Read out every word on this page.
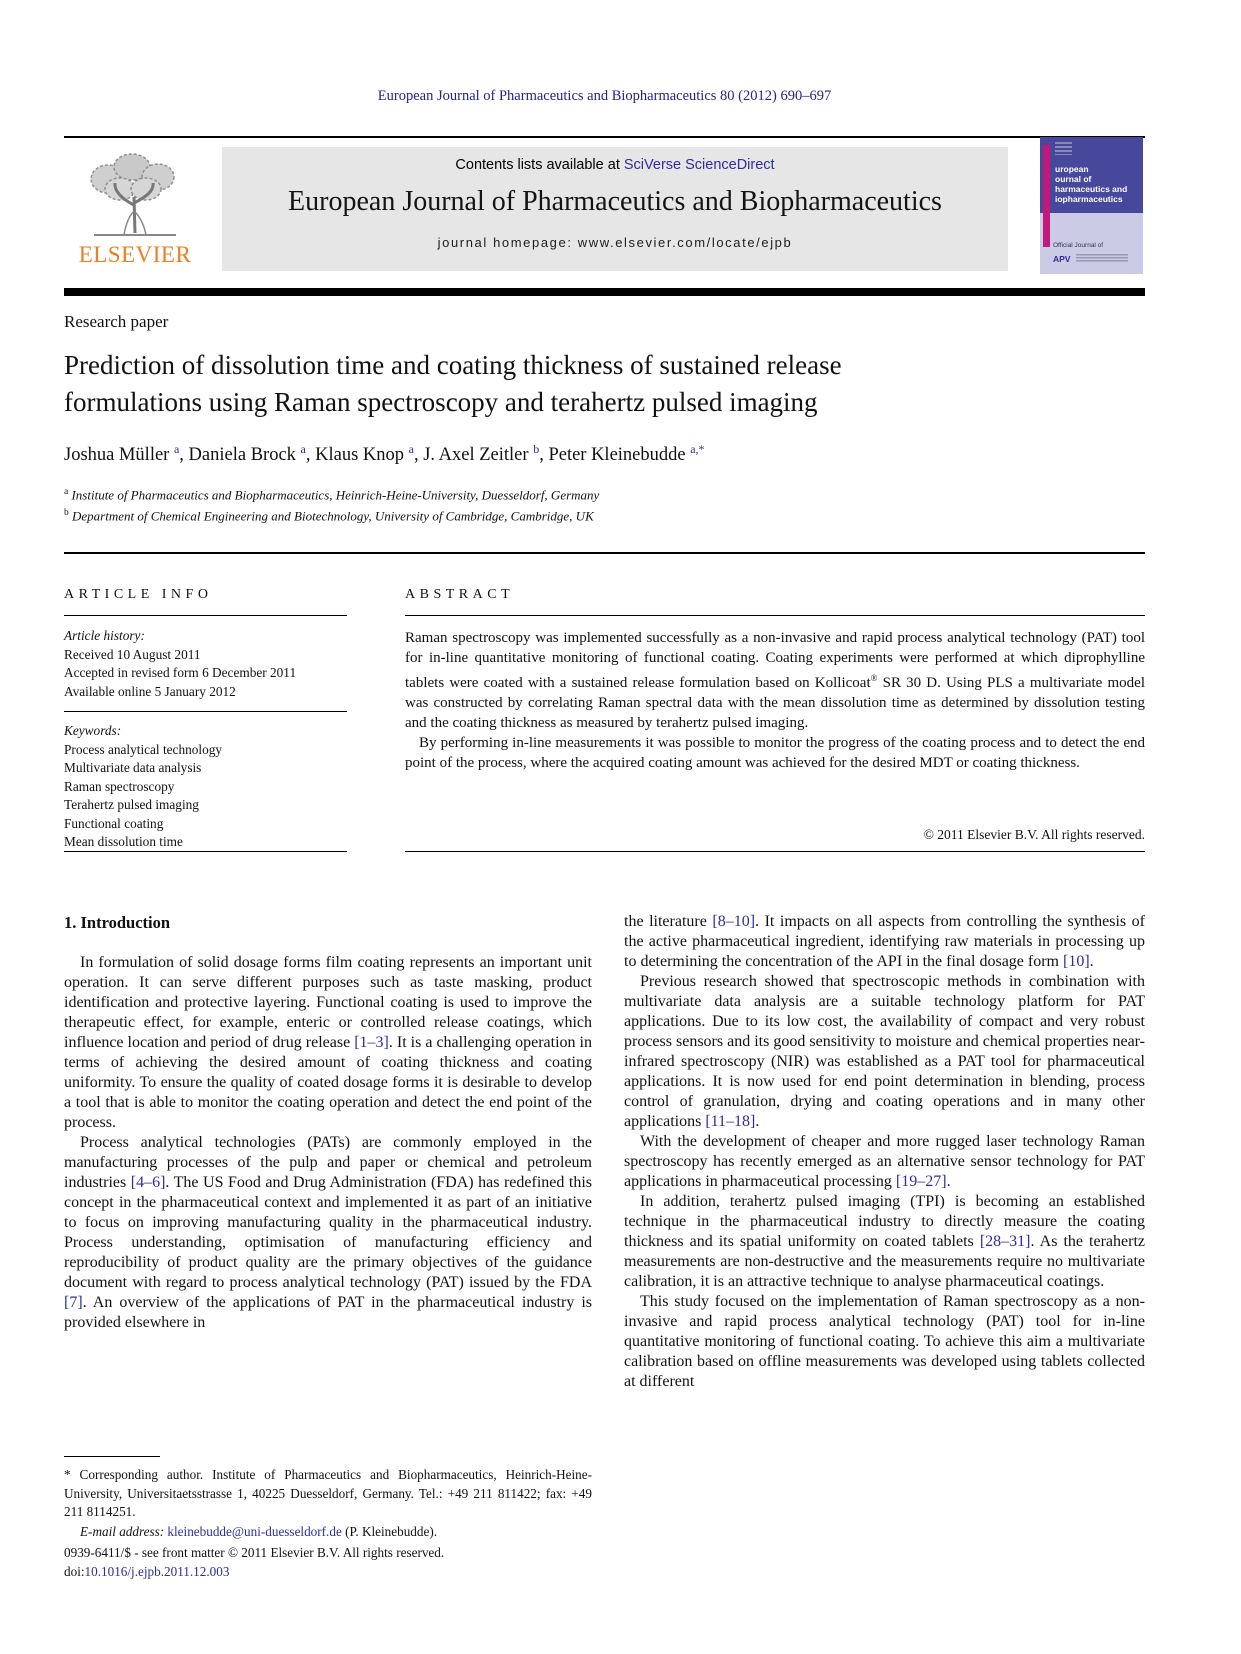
European Journal of Pharmaceutics and Biopharmaceutics 80 (2012) 690–697
ELSEVIER
Contents lists available at SciVerse ScienceDirect
European Journal of Pharmaceutics and Biopharmaceutics
journal homepage: www.elsevier.com/locate/ejpb
uropean
ournal of
harmaceutics and
iopharmaceutics
Official Journal of
APV
Research paper
Prediction of dissolution time and coating thickness of sustained release
formulations using Raman spectroscopy and terahertz pulsed imaging
Joshua Müller $^a$, Daniela Brock $^a$, Klaus Knop $^a$, J. Axel Zeitler $^b$, Peter Kleinebudde $^{a,*}$
$^a$ Institute of Pharmaceutics and Biopharmaceutics, Heinrich-Heine-University, Duesseldorf, Germany
$^b$ Department of Chemical Engineering and Biotechnology, University of Cambridge, Cambridge, UK
ARTICLE INFO
Article history:
Received 10 August 2011
Accepted in revised form 6 December 2011
Available online 5 January 2012
Keywords:
Process analytical technology
Multivariate data analysis
Raman spectroscopy
Terahertz pulsed imaging
Functional coating
Mean dissolution time
ABSTRACT

Raman spectroscopy was implemented successfully as a non-invasive and rapid process analytical technology (PAT) tool for in-line quantitative monitoring of functional coating. Coating experiments were performed at which diprophylline tablets were coated with a sustained release formulation based on Kollicoat® SR 30 D. Using PLS a multivariate model was constructed by correlating Raman spectral data with the mean dissolution time as determined by dissolution testing and the coating thickness as measured by terahertz pulsed imaging.

By performing in-line measurements it was possible to monitor the progress of the coating process and to detect the end point of the process, where the acquired coating amount was achieved for the desired MDT or coating thickness.

© 2011 Elsevier B.V. All rights reserved.
1. Introduction

In formulation of solid dosage forms film coating represents an important unit operation. It can serve different purposes such as taste masking, product identification and protective layering. Functional coating is used to improve the therapeutic effect, for example, enteric or controlled release coatings, which influence location and period of drug release [1–3]. It is a challenging operation in terms of achieving the desired amount of coating thickness and coating uniformity. To ensure the quality of coated dosage forms it is desirable to develop a tool that is able to monitor the coating operation and detect the end point of the process.

Process analytical technologies (PATs) are commonly employed in the manufacturing processes of the pulp and paper or chemical and petroleum industries [4–6]. The US Food and Drug Administration (FDA) has redefined this concept in the pharmaceutical context and implemented it as part of an initiative to focus on improving manufacturing quality in the pharmaceutical industry. Process understanding, optimisation of manufacturing efficiency and reproducibility of product quality are the primary objectives of the guidance document with regard to process analytical technology (PAT) issued by the FDA [7]. An overview of the applications of PAT in the pharmaceutical industry is provided elsewhere in

* Corresponding author. Institute of Pharmaceutics and Biopharmaceutics, Heinrich-Heine-University, Universitaetsstrasse 1, 40225 Duesseldorf, Germany. Tel.: +49 211 811422; fax: +49 211 8114251.
E-mail address: kleinebudde@uni-duesseldorf.de (P. Kleinebudde).

the literature [8–10]. It impacts on all aspects from controlling the synthesis of the active pharmaceutical ingredient, identifying raw materials in processing up to determining the concentration of the API in the final dosage form [10].

Previous research showed that spectroscopic methods in combination with multivariate data analysis are a suitable technology platform for PAT applications. Due to its low cost, the availability of compact and very robust process sensors and its good sensitivity to moisture and chemical properties near-infrared spectroscopy (NIR) was established as a PAT tool for pharmaceutical applications. It is now used for end point determination in blending, process control of granulation, drying and coating operations and in many other applications [11–18].

With the development of cheaper and more rugged laser technology Raman spectroscopy has recently emerged as an alternative sensor technology for PAT applications in pharmaceutical processing [19–27].

In addition, terahertz pulsed imaging (TPI) is becoming an established technique in the pharmaceutical industry to directly measure the coating thickness and its spatial uniformity on coated tablets [28–31]. As the terahertz measurements are non-destructive and the measurements require no multivariate calibration, it is an attractive technique to analyse pharmaceutical coatings.

This study focused on the implementation of Raman spectroscopy as a non-invasive and rapid process analytical technology (PAT) tool for in-line quantitative monitoring of functional coating. To achieve this aim a multivariate calibration based on offline measurements was developed using tablets collected at different

0939-6411/$ - see front matter © 2011 Elsevier B.V. All rights reserved.
doi:10.1016/j.ejpb.2011.12.003
